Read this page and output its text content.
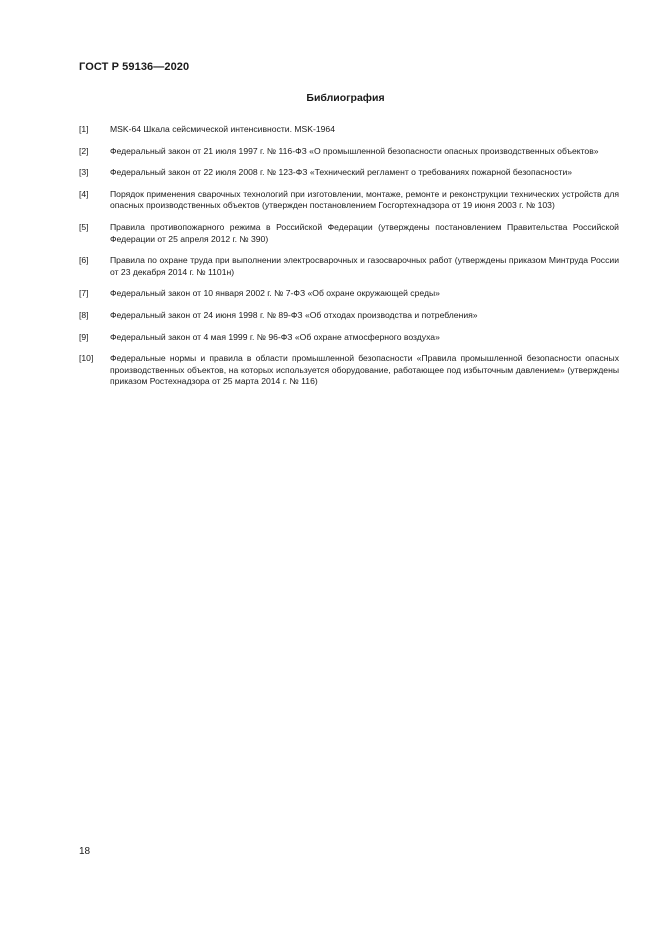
ГОСТ Р 59136—2020
Библиография
[1]	MSK-64 Шкала сейсмической интенсивности. MSK-1964
[2]	Федеральный закон от 21 июля 1997 г. № 116-ФЗ «О промышленной безопасности опасных производственных объектов»
[3]	Федеральный закон от 22 июля 2008 г. № 123-ФЗ «Технический регламент о требованиях пожарной безопасности»
[4]	Порядок применения сварочных технологий при изготовлении, монтаже, ремонте и реконструкции технических устройств для опасных производственных объектов (утвержден постановлением Госгортехнадзора от 19 июня 2003 г. № 103)
[5]	Правила противопожарного режима в Российской Федерации (утверждены постановлением Правительства Российской Федерации от 25 апреля 2012 г. № 390)
[6]	Правила по охране труда при выполнении электросварочных и газосварочных работ (утверждены приказом Минтруда России от 23 декабря 2014 г. № 1101н)
[7]	Федеральный закон от 10 января 2002 г. № 7-ФЗ «Об охране окружающей среды»
[8]	Федеральный закон от 24 июня 1998 г. № 89-ФЗ «Об отходах производства и потребления»
[9]	Федеральный закон от 4 мая 1999 г. № 96-ФЗ «Об охране атмосферного воздуха»
[10]	Федеральные нормы и правила в области промышленной безопасности «Правила промышленной безопасности опасных производственных объектов, на которых используется оборудование, работающее под избыточным давлением» (утверждены приказом Ростехнадзора от 25 марта 2014 г. № 116)
18
